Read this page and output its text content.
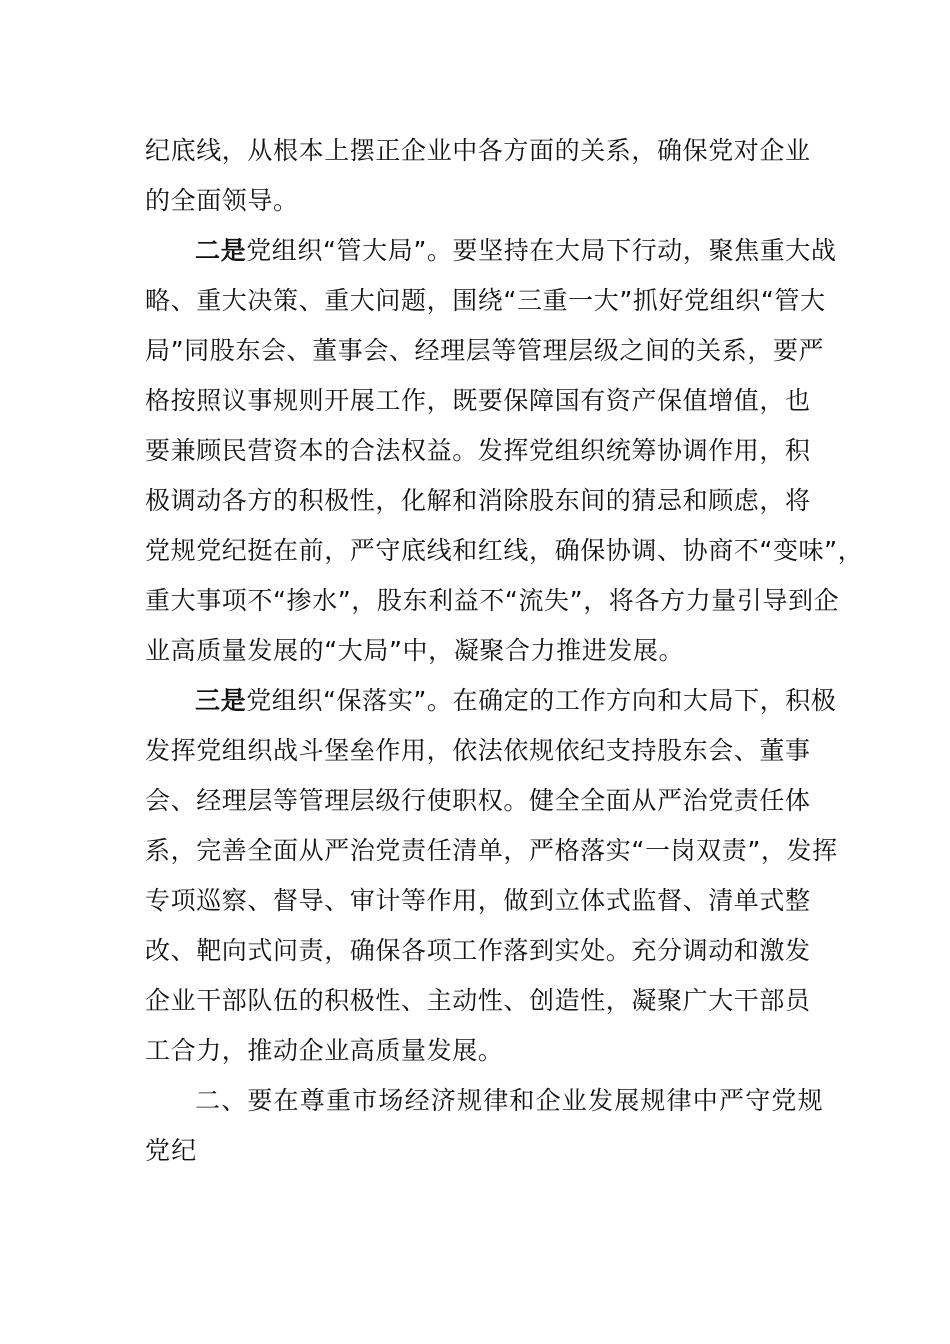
纪底线，从根本上摆正企业中各方面的关系，确保党对企业
的全面领导。
二是党组织“管大局”。要坚持在大局下行动，聚焦重大战
略、重大决策、重大问题，围绕“三重一大”抓好党组织“管大
局”同股东会、董事会、经理层等管理层级之间的关系，要严
格按照议事规则开展工作，既要保障国有资产保值增值，也
要兼顾民营资本的合法权益。发挥党组织统筹协调作用，积
极调动各方的积极性，化解和消除股东间的猜忌和顾虑，将
党规党纪挺在前，严守底线和红线，确保协调、协商不“变味”，
重大事项不“掺水”，股东利益不“流失”，将各方力量引导到企
业高质量发展的“大局”中，凝聚合力推进发展。
三是党组织“保落实”。在确定的工作方向和大局下，积极
发挥党组织战斗堡垒作用，依法依规依纪支持股东会、董事
会、经理层等管理层级行使职权。健全全面从严治党责任体
系，完善全面从严治党责任清单，严格落实“一岗双责”，发挥
专项巡察、督导、审计等作用，做到立体式监督、清单式整
改、靶向式问责，确保各项工作落到实处。充分调动和激发
企业干部队伍的积极性、主动性、创造性，凝聚广大干部员
工合力，推动企业高质量发展。
二、要在尊重市场经济规律和企业发展规律中严守党规
党纪
